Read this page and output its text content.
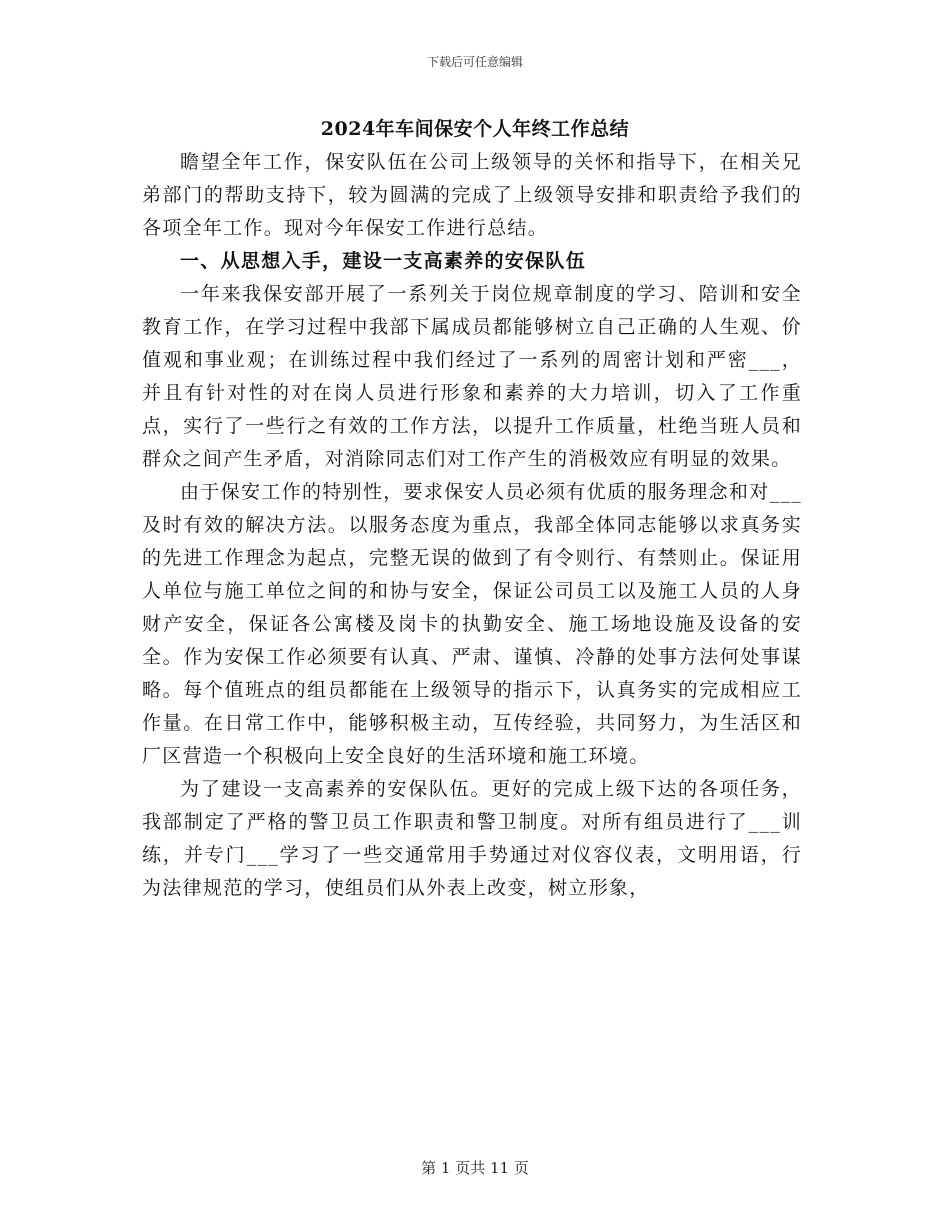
下载后可任意编辑
2024年车间保安个人年终工作总结

瞻望全年工作，保安队伍在公司上级领导的关怀和指导下，在相关兄弟部门的帮助支持下，较为圆满的完成了上级领导安排和职责给予我们的各项全年工作。现对今年保安工作进行总结。

一、从思想入手，建设一支高素养的安保队伍

一年来我保安部开展了一系列关于岗位规章制度的学习、陪训和安全教育工作，在学习过程中我部下属成员都能够树立自己正确的人生观、价值观和事业观；在训练过程中我们经过了一系列的周密计划和严密___，并且有针对性的对在岗人员进行形象和素养的大力培训，切入了工作重点，实行了一些行之有效的工作方法，以提升工作质量，杜绝当班人员和群众之间产生矛盾，对消除同志们对工作产生的消极效应有明显的效果。

由于保安工作的特别性，要求保安人员必须有优质的服务理念和对___及时有效的解决方法。以服务态度为重点，我部全体同志能够以求真务实的先进工作理念为起点，完整无误的做到了有令则行、有禁则止。保证用人单位与施工单位之间的和协与安全，保证公司员工以及施工人员的人身财产安全，保证各公寓楼及岗卡的执勤安全、施工场地设施及设备的安全。作为安保工作必须要有认真、严肃、谨慎、冷静的处事方法何处事谋略。每个值班点的组员都能在上级领导的指示下，认真务实的完成相应工作量。在日常工作中，能够积极主动，互传经验，共同努力，为生活区和厂区营造一个积极向上安全良好的生活环境和施工环境。

为了建设一支高素养的安保队伍。更好的完成上级下达的各项任务，我部制定了严格的警卫员工作职责和警卫制度。对所有组员进行了___训练，并专门___学习了一些交通常用手势通过对仪容仪表，文明用语，行为法律规范的学习，使组员们从外表上改变，树立形象，

第 1 页共 11 页
